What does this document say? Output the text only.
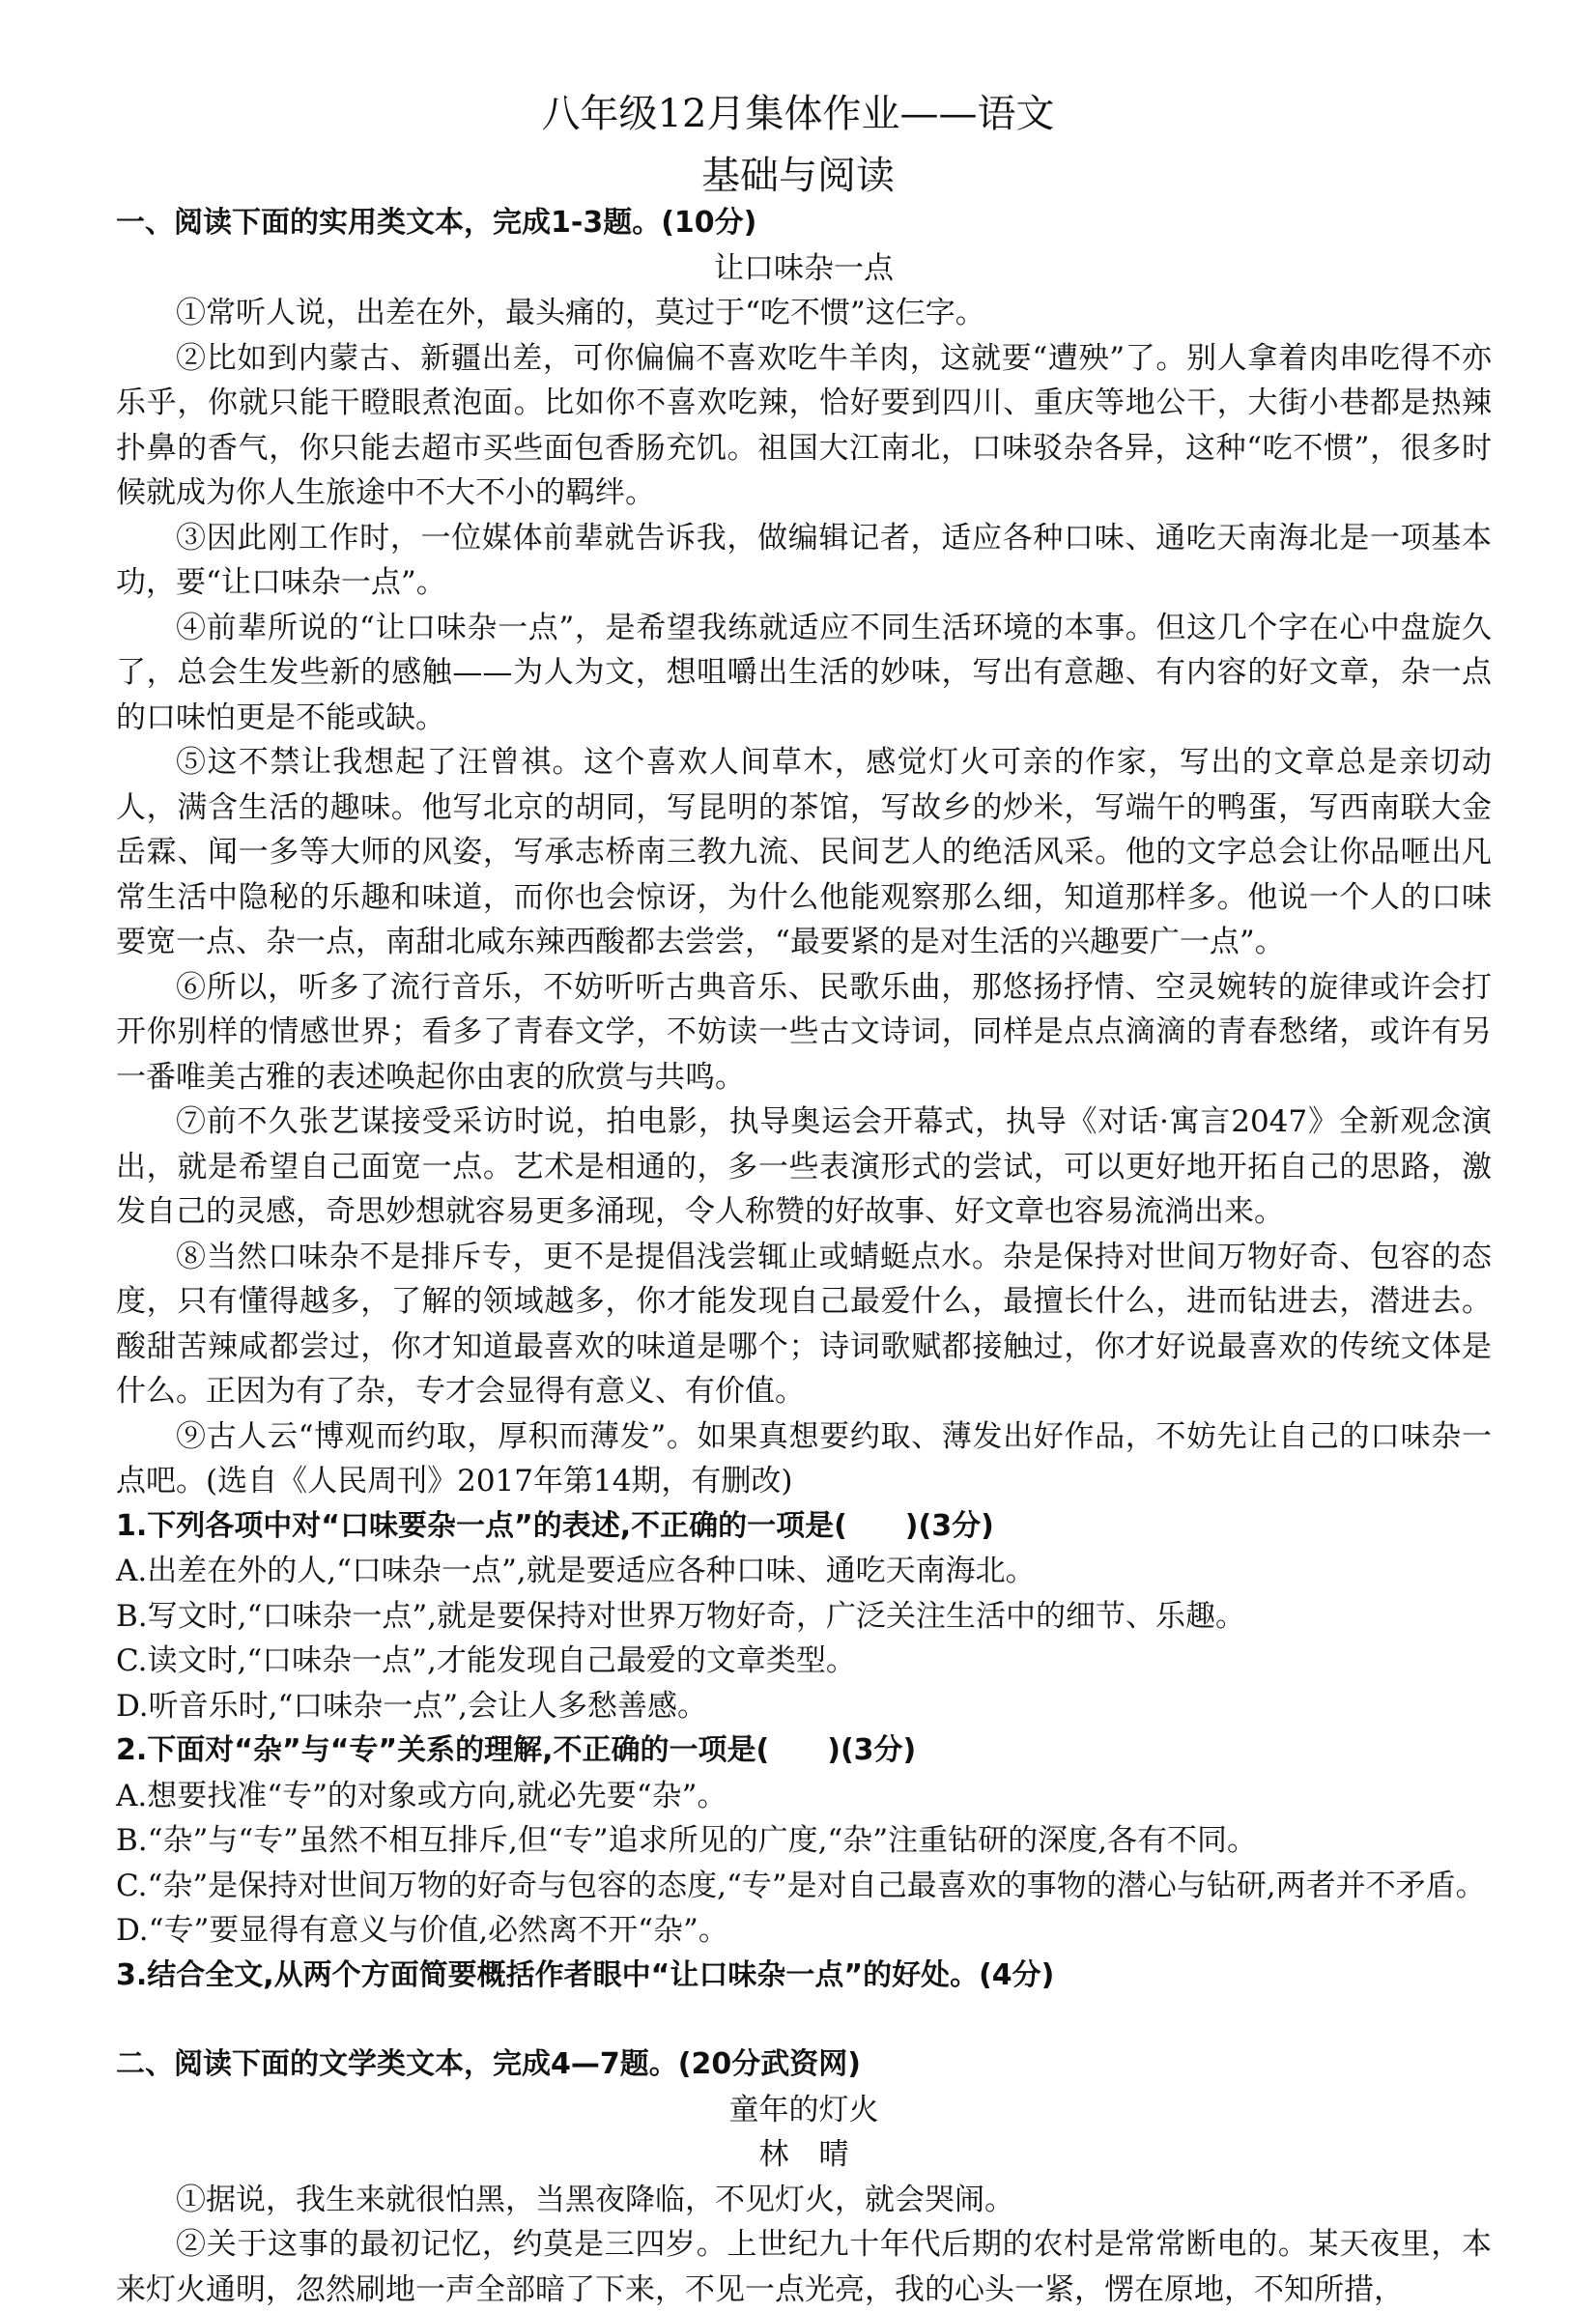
八年级12月集体作业——语文
基础与阅读

一、阅读下面的实用类文本，完成1-3题。(10分)

让口味杂一点

①常听人说，出差在外，最头痛的，莫过于“吃不惯”这仨字。

②比如到内蒙古、新疆出差，可你偏偏不喜欢吃牛羊肉，这就要“遭殃”了。别人拿着肉串吃得不亦乐乎，你就只能干瞪眼煮泡面。比如你不喜欢吃辣，恰好要到四川、重庆等地公干，大街小巷都是热辣扑鼻的香气，你只能去超市买些面包香肠充饥。祖国大江南北，口味驳杂各异，这种“吃不惯”，很多时候就成为你人生旅途中不大不小的羁绊。

③因此刚工作时，一位媒体前辈就告诉我，做编辑记者，适应各种口味、通吃天南海北是一项基本功，要“让口味杂一点”。

④前辈所说的“让口味杂一点”，是希望我练就适应不同生活环境的本事。但这几个字在心中盘旋久了，总会生发些新的感触——为人为文，想咀嚼出生活的妙味，写出有意趣、有内容的好文章，杂一点的口味怕更是不能或缺。

⑤这不禁让我想起了汪曾祺。这个喜欢人间草木，感觉灯火可亲的作家，写出的文章总是亲切动人，满含生活的趣味。他写北京的胡同，写昆明的茶馆，写故乡的炒米，写端午的鸭蛋，写西南联大金岳霖、闻一多等大师的风姿，写承志桥南三教九流、民间艺人的绝活风采。他的文字总会让你品咂出凡常生活中隐秘的乐趣和味道，而你也会惊讶，为什么他能观察那么细，知道那样多。他说一个人的口味要宽一点、杂一点，南甜北咸东辣西酸都去尝尝，“最要紧的是对生活的兴趣要广一点”。

⑥所以，听多了流行音乐，不妨听听古典音乐、民歌乐曲，那悠扬抒情、空灵婉转的旋律或许会打开你别样的情感世界；看多了青春文学，不妨读一些古文诗词，同样是点点滴滴的青春愁绪，或许有另一番唯美古雅的表述唤起你由衷的欣赏与共鸣。

⑦前不久张艺谋接受采访时说，拍电影，执导奥运会开幕式，执导《对话·寓言2047》全新观念演出，就是希望自己面宽一点。艺术是相通的，多一些表演形式的尝试，可以更好地开拓自己的思路，激发自己的灵感，奇思妙想就容易更多涌现，令人称赞的好故事、好文章也容易流淌出来。

⑧当然口味杂不是排斥专，更不是提倡浅尝辄止或蜻蜓点水。杂是保持对世间万物好奇、包容的态度，只有懂得越多，了解的领域越多，你才能发现自己最爱什么，最擅长什么，进而钻进去，潜进去。酸甜苦辣咸都尝过，你才知道最喜欢的味道是哪个；诗词歌赋都接触过，你才好说最喜欢的传统文体是什么。正因为有了杂，专才会显得有意义、有价值。

⑨古人云“博观而约取，厚积而薄发”。如果真想要约取、薄发出好作品，不妨先让自己的口味杂一点吧。(选自《人民周刊》2017年第14期，有删改)

1.下列各项中对“口味要杂一点”的表述,不正确的一项是(　　)(3分)

A.出差在外的人,“口味杂一点”,就是要适应各种口味、通吃天南海北。

B.写文时,“口味杂一点”,就是要保持对世界万物好奇，广泛关注生活中的细节、乐趣。

C.读文时,“口味杂一点”,才能发现自己最爱的文章类型。

D.听音乐时,“口味杂一点”,会让人多愁善感。

2.下面对“杂”与“专”关系的理解,不正确的一项是(　　)(3分)

A.想要找准“专”的对象或方向,就必先要“杂”。

B.“杂”与“专”虽然不相互排斥,但“专”追求所见的广度,“杂”注重钻研的深度,各有不同。

C.“杂”是保持对世间万物的好奇与包容的态度,“专”是对自己最喜欢的事物的潜心与钻研,两者并不矛盾。

D.“专”要显得有意义与价值,必然离不开“杂”。

3.结合全文,从两个方面简要概括作者眼中“让口味杂一点”的好处。(4分)

二、阅读下面的文学类文本，完成4—7题。(20分武资网)

童年的灯火

林　晴

①据说，我生来就很怕黑，当黑夜降临，不见灯火，就会哭闹。

②关于这事的最初记忆，约莫是三四岁。上世纪九十年代后期的农村是常常断电的。某天夜里，本来灯火通明，忽然刷地一声全部暗了下来，不见一点光亮，我的心头一紧，愣在原地，不知所措，
